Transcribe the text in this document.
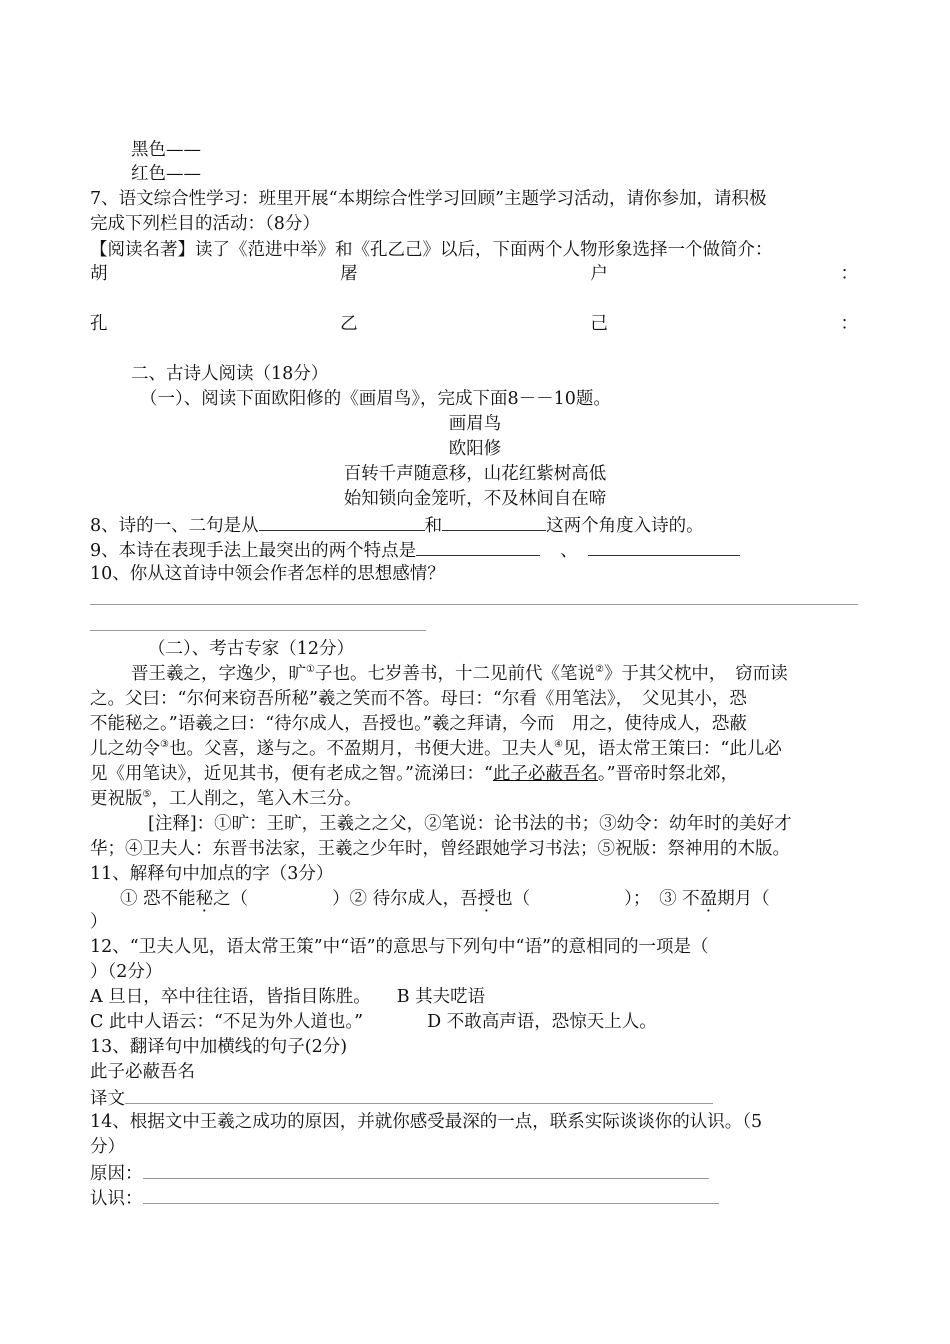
黑色——
红色——
7、语文综合性学习：班里开展“本期综合性学习回顾”主题学习活动，请你参加，请积极
完成下列栏目的活动：（8分）
【阅读名著】读了《范进中举》和《孔乙己》以后，下面两个人物形象选择一个做简介：
胡	屠	户	：
孔	乙	己	：
二、古诗人阅读（18分）
（一）、阅读下面欧阳修的《画眉鸟》，完成下面8－－10题。
画眉鸟
欧阳修
百转千声随意移，山花红紫树高低
始知锁向金笼听，不及林间自在啼
8、诗的一、二句是从	和	这两个角度入诗的。
9、本诗在表现手法上最突出的两个特点是	、
10、你从这首诗中领会作者怎样的思想感情？
（二）、考古专家（12分）
晋王羲之，字逸少，旷①子也。七岁善书，十二见前代《笔说②》于其父枕中，　窃而读
之。父曰：“尔何来窃吾所秘”羲之笑而不答。母曰：“尔看《用笔法》，　父见其小，恐
不能秘之。”语羲之曰：“待尔成人，吾授也。”羲之拜请，今而　用之，使待成人，恐蔽
儿之幼令③也。父喜，遂与之。不盈期月，书便大进。卫夫人④见，语太常王策曰：“此儿必
见《用笔诀》，近见其书，便有老成之智。”流涕曰：“此子必蔽吾名。”晋帝时祭北郊，
更祝版⑤，工人削之，笔入木三分。
[注释]：①旷：王旷，王羲之之父，②笔说：论书法的书；③幼令：幼年时的美好才
华；④卫夫人：东晋书法家，王羲之少年时，曾经跟她学习书法；⑤祝版：祭神用的木版。
11、解释句中加点的字（3分）
① 恐不能秘之（	）② 待尔成人，吾授也（	）；　③ 不盈期月（
）
12、“卫夫人见，语太常王策”中“语”的意思与下列句中“语”的意相同的一项是（
）（2分）
A 旦日，卒中往往语，皆指目陈胜。 B 其夫呓语
C 此中人语云：“不足为外人道也。”	D 不敢高声语，恐惊天上人。
13、翻译句中加横线的句子(2分)
此子必蔽吾名
译文
14、根据文中王羲之成功的原因，并就你感受最深的一点，联系实际谈谈你的认识。（5
分）
原因：
认识：
